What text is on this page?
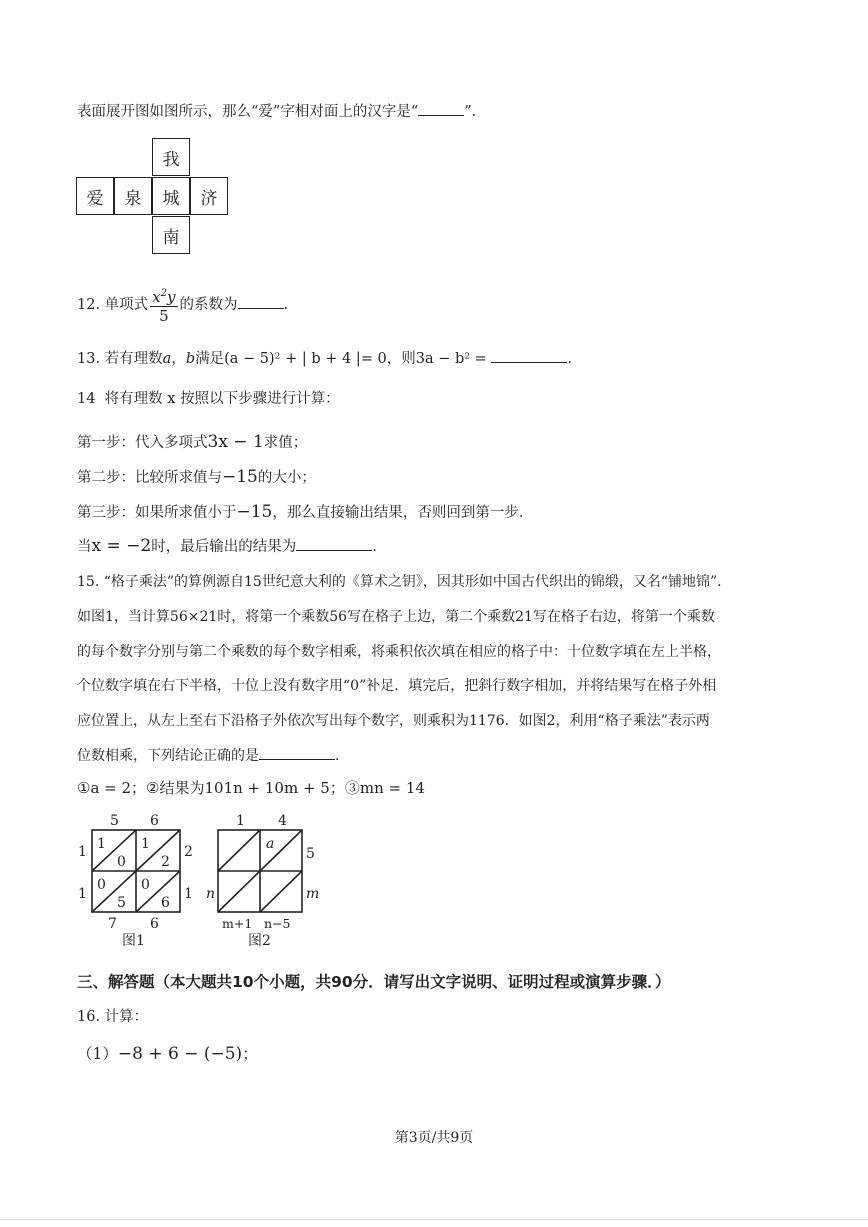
表面展开图如图所示，那么“爱”字相对面上的汉字是“	”．
我
爱	泉	城	济
南
12. 单项式 $\frac{x^2y}{5}$ 的系数为	.
13. 若有理数a，b满足(a − 5)² + | b + 4 |= 0，则3a − b² =	.
14 将有理数 x 按照以下步骤进行计算：
第一步：代入多项式3x − 1求值；
第二步：比较所求值与−15的大小；
第三步：如果所求值小于−15，那么直接输出结果，否则回到第一步．
当x = −2时，最后输出的结果为	.
15. “格子乘法”的算例源自15世纪意大利的《算术之钥》，因其形如中国古代织出的锦缎，又名“铺地锦”．
如图1，当计算56×21时，将第一个乘数56写在格子上边，第二个乘数21写在格子右边，将第一个乘数
的每个数字分别与第二个乘数的每个数字相乘，将乘积依次填在相应的格子中：十位数字填在左上半格，
个位数字填在右下半格，十位上没有数字用“0”补足．填完后，把斜行数字相加，并将结果写在格子外相
应位置上，从左上至右下沿格子外依次写出每个数字，则乘积为1176．如图2，利用“格子乘法”表示两
位数相乘，下列结论正确的是	．
①a = 2；②结果为101n + 10m + 5；③mn = 14
5 6
2
1
1
1
7 6
1
0
1
2
0
5
0
6
图1
1 4
5
m
n
a
m+1 n−5
图2
三、解答题（本大题共10个小题，共90分．请写出文字说明、证明过程或演算步骤．）
16. 计算：
（1）−8 + 6 − (−5)；
第3页/共9页
